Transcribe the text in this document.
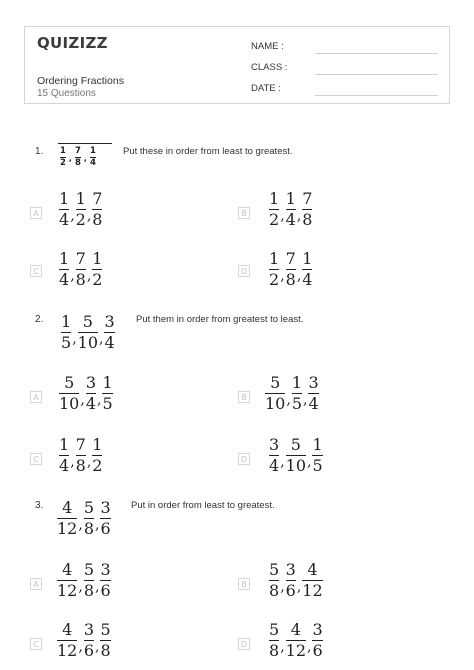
QUIZIZZ
Ordering Fractions
15 Questions
NAME :
CLASS :
DATE :
1. $\frac{1}{2}$ , $\frac{7}{8}$ , $\frac{1}{4}$	Put these in order from least to greatest.
A $\frac{1}{4}$ , $\frac{1}{2}$ , $\frac{7}{8}$	B $\frac{1}{2}$ , $\frac{1}{4}$ , $\frac{7}{8}$
C $\frac{1}{4}$ , $\frac{7}{8}$ , $\frac{1}{2}$	D $\frac{1}{2}$ , $\frac{7}{8}$ , $\frac{1}{4}$
2. $\frac{1}{5}$ , $\frac{5}{10}$ , $\frac{3}{4}$ Put them in order from greatest to least.
A $\frac{5}{10}$ , $\frac{3}{4}$ , $\frac{1}{5}$	B $\frac{5}{10}$ , $\frac{1}{5}$ , $\frac{3}{4}$
C $\frac{1}{4}$ , $\frac{7}{8}$ , $\frac{1}{2}$	D $\frac{3}{4}$ , $\frac{5}{10}$ , $\frac{1}{5}$
3. $\frac{4}{12}$ , $\frac{5}{8}$ , $\frac{3}{6}$ Put in order from least to greatest.
A $\frac{4}{12}$ , $\frac{5}{8}$ , $\frac{3}{6}$	B $\frac{5}{8}$ , $\frac{3}{6}$ , $\frac{4}{12}$
C $\frac{4}{12}$ , $\frac{3}{6}$ , $\frac{5}{8}$	D $\frac{5}{8}$ , $\frac{4}{12}$ , $\frac{3}{6}$
